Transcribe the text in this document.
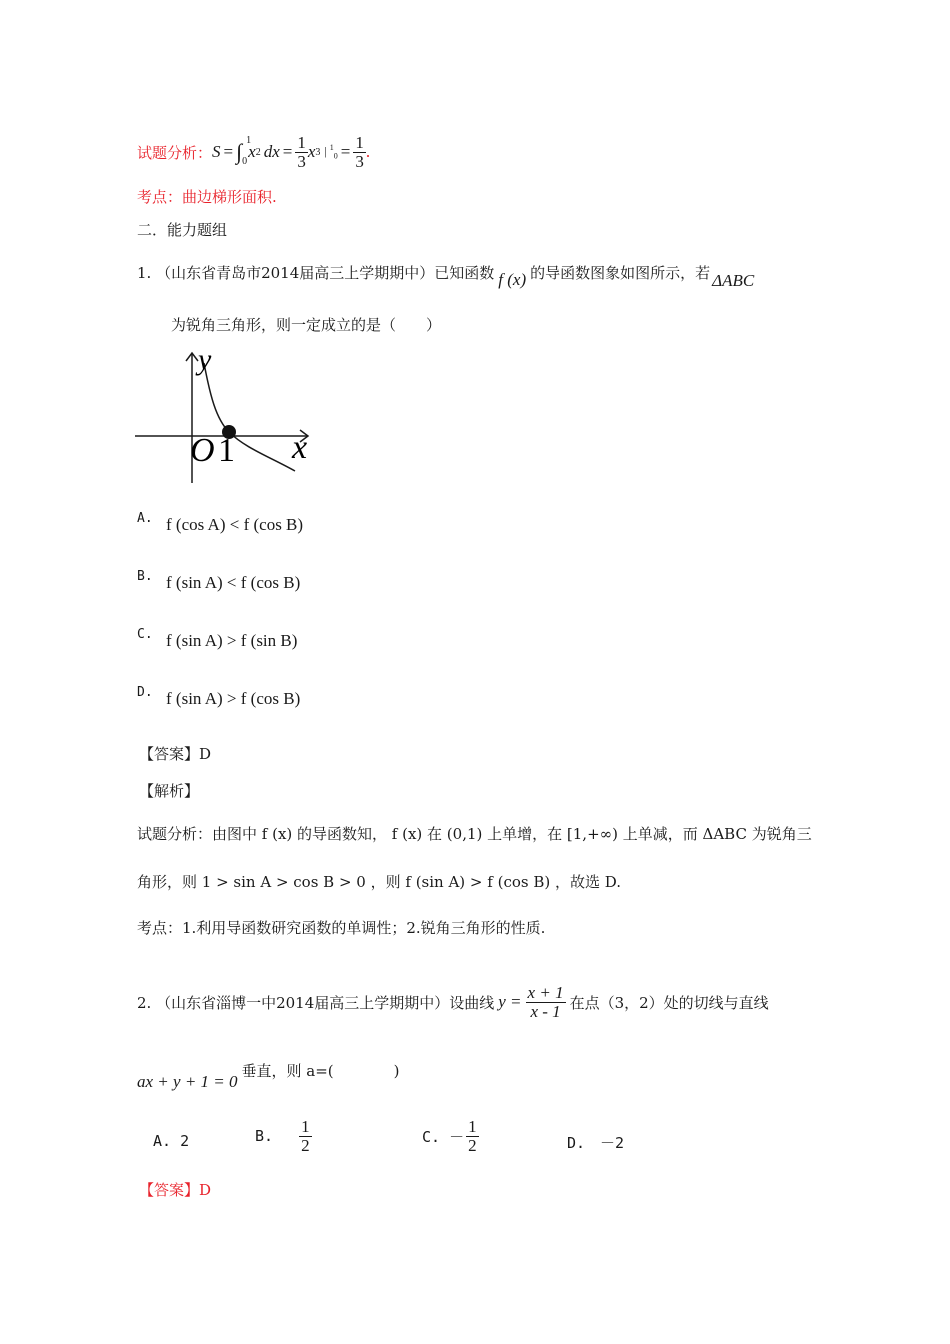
试题分析： S = ∫ 1
0
x 2 dx = $\frac{1}{3}$ x 3 | $^1_0 = \frac{1}{3}$ .
考点：曲边梯形面积.
二．能力题组
1. （山东省青岛市2014届高三上学期期中）已知函数 f (x) 的导函数图象如图所示，若 ΔABC
为锐角三角形，则一定成立的是（　　）
y
x
O 1
A. f (cos A) < f (cos B)
B. f (sin A) < f (cos B)
C. f (sin A) > f (sin B)
D. f (sin A) > f (cos B)
【答案】D
【解析】
试题分析：由图中 f (x) 的导函数知， f (x) 在 (0,1) 上单增，在 [1,+∞) 上单减，而 ΔABC 为锐角三
角形，则 1 > sin A > cos B > 0 ，则 f (sin A) > f (cos B) ，故选 D.
考点：1.利用导函数研究函数的单调性；2.锐角三角形的性质.
2. （山东省淄博一中2014届高三上学期期中）设曲线 $y = \frac{x + 1}{x - 1}$ 在点（3，2）处的切线与直线
ax + y + 1 = 0
垂直，则 a=(　　　　)
A. 2	B. $\frac{1}{2}$	C. － $\frac{1}{2}$	D.　－2
【答案】D
